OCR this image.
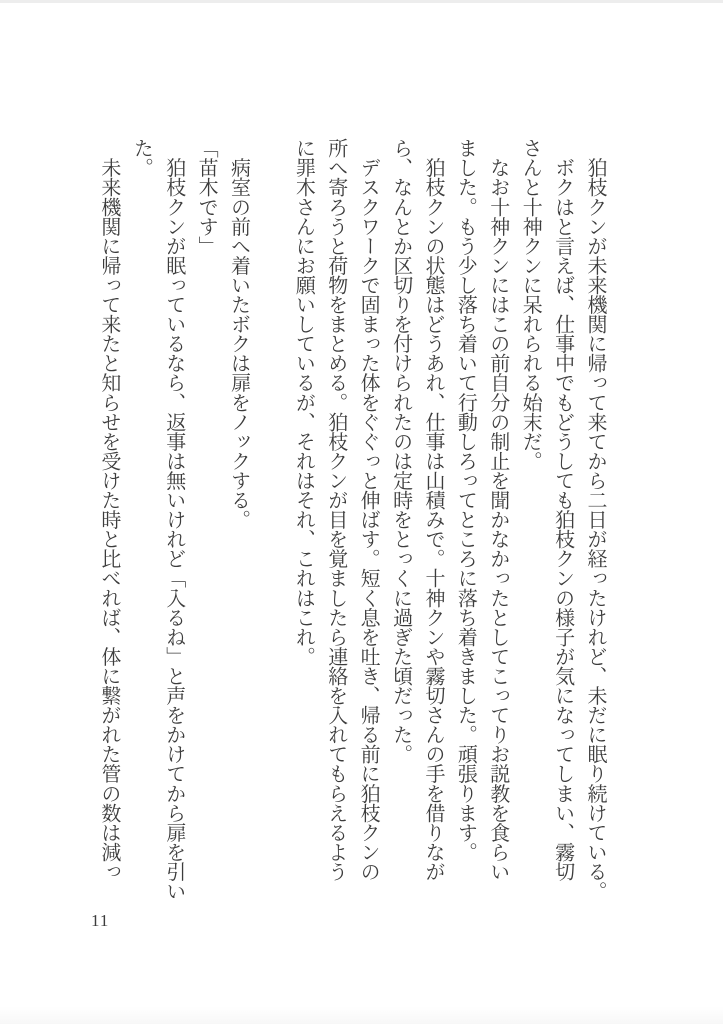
　狛枝クンが未来機関に帰って来てから二日が経ったけれど、未だに眠り続けている。

　ボクはと言えば、仕事中でもどうしても狛枝クンの様子が気になってしまい、霧切

さんと十神クンに呆れられる始末だ。

　なお十神クンにはこの前自分の制止を聞かなかったとしてこってりお説教を食らい

ました。もう少し落ち着いて行動しろってところに落ち着きました。頑張ります。

　狛枝クンの状態はどうあれ、仕事は山積みで。十神クンや霧切さんの手を借りなが

ら、なんとか区切りを付けられたのは定時をとっくに過ぎた頃だった。

　デスクワークで固まった体をぐぐっと伸ばす。短く息を吐き、帰る前に狛枝クンの

所へ寄ろうと荷物をまとめる。狛枝クンが目を覚ましたら連絡を入れてもらえるよう

に罪木さんにお願いしているが、それはそれ、これはこれ。

　病室の前へ着いたボクは扉をノックする。

「苗木です」

　狛枝クンが眠っているなら、返事は無いけれど「入るね」と声をかけてから扉を引い

た。

　未来機関に帰って来たと知らせを受けた時と比べれば、体に繋がれた管の数は減っ

11
